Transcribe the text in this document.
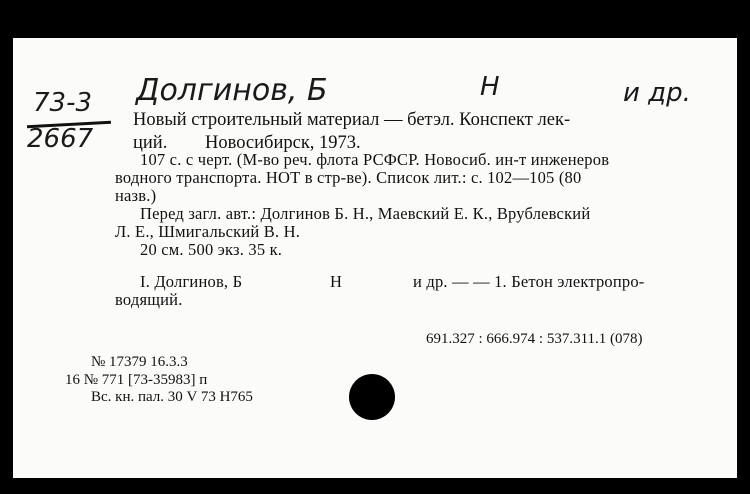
73-3
2667
Долгинов, Б	Н	и др.
Новый строительный материал — бетэл. Конспект лек-
ций. Новосибирск, 1973.
107 с. с черт. (М-во реч. флота РСФСР. Новосиб. ин-т инженеров
водного транспорта. НОТ в стр-ве). Список лит.: с. 102—105 (80
назв.)
Перед загл. авт.: Долгинов Б. Н., Маевский Е. К., Врублевский
Л. Е., Шмигальский В. Н.
20 см. 500 экз. 35 к.
I. Долгинов, Б	Н	и др. — — 1. Бетон электропро-
водящий.
691.327 : 666.974 : 537.311.1 (078)
№ 17379 16.3.3
16 № 771 [73-35983] п
Вс. кн. пал. 30 V 73 Н765
